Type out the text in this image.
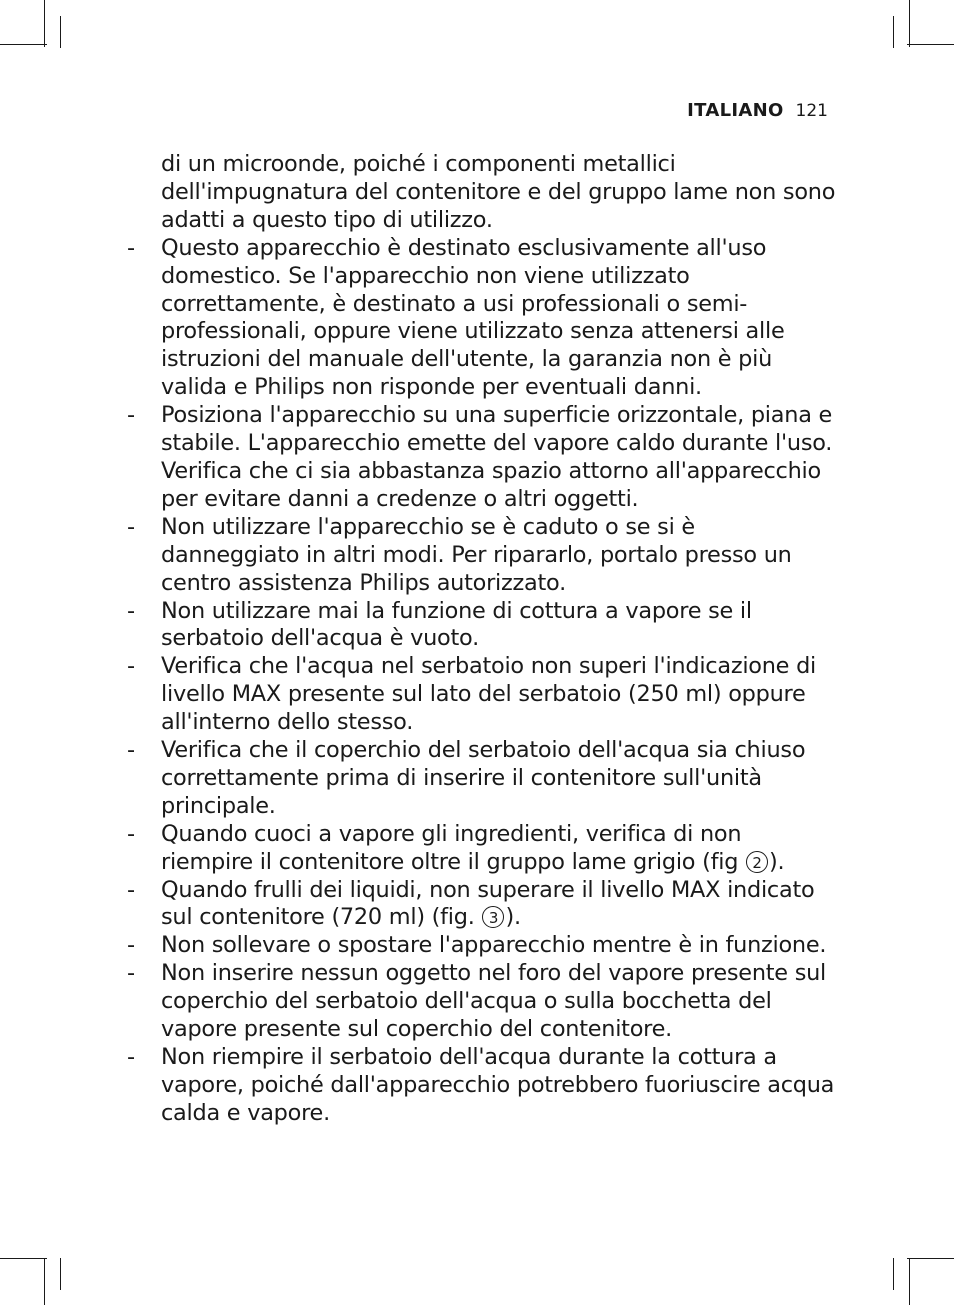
ITALIANO 121
di un microonde, poiché i componenti metallici dell'impugnatura del contenitore e del gruppo lame non sono adatti a questo tipo di utilizzo.
- Questo apparecchio è destinato esclusivamente all'uso domestico. Se l'apparecchio non viene utilizzato correttamente, è destinato a usi professionali o semi-professionali, oppure viene utilizzato senza attenersi alle istruzioni del manuale dell'utente, la garanzia non è più valida e Philips non risponde per eventuali danni.
- Posiziona l'apparecchio su una superficie orizzontale, piana e stabile. L'apparecchio emette del vapore caldo durante l'uso. Verifica che ci sia abbastanza spazio attorno all'apparecchio per evitare danni a credenze o altri oggetti.
- Non utilizzare l'apparecchio se è caduto o se si è danneggiato in altri modi. Per ripararlo, portalo presso un centro assistenza Philips autorizzato.
- Non utilizzare mai la funzione di cottura a vapore se il serbatoio dell'acqua è vuoto.
- Verifica che l'acqua nel serbatoio non superi l'indicazione di livello MAX presente sul lato del serbatoio (250 ml) oppure all'interno dello stesso.
- Verifica che il coperchio del serbatoio dell'acqua sia chiuso correttamente prima di inserire il contenitore sull'unità principale.
- Quando cuoci a vapore gli ingredienti, verifica di non riempire il contenitore oltre il gruppo lame grigio (fig 2 ).
- Quando frulli dei liquidi, non superare il livello MAX indicato sul contenitore (720 ml) (fig. 3 ).
- Non sollevare o spostare l'apparecchio mentre è in funzione.
- Non inserire nessun oggetto nel foro del vapore presente sul coperchio del serbatoio dell'acqua o sulla bocchetta del vapore presente sul coperchio del contenitore.
- Non riempire il serbatoio dell'acqua durante la cottura a vapore, poiché dall'apparecchio potrebbero fuoriuscire acqua calda e vapore.
